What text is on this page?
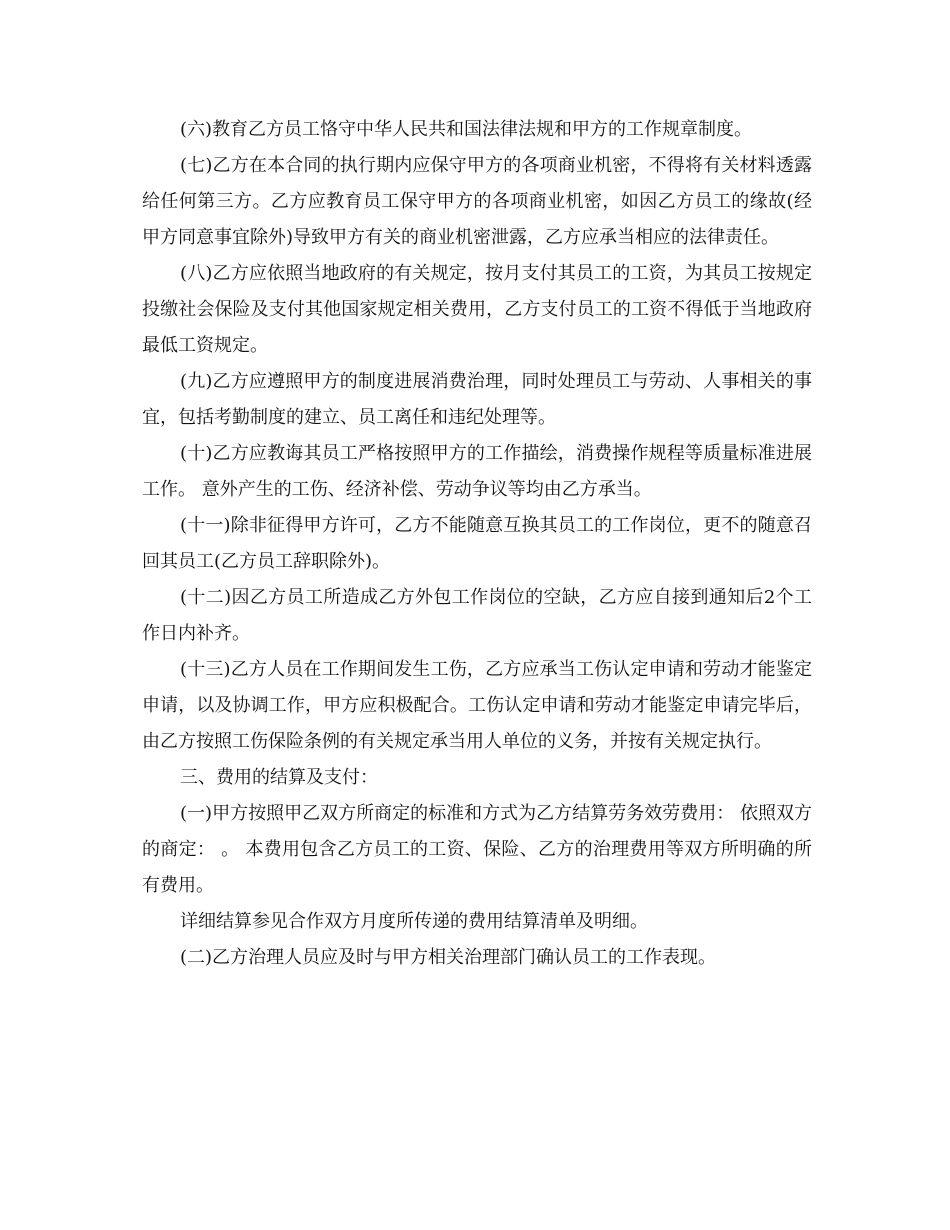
(六)教育乙方员工恪守中华人民共和国法律法规和甲方的工作规章制度。

(七)乙方在本合同的执行期内应保守甲方的各项商业机密，不得将有关材料透露给任何第三方。乙方应教育员工保守甲方的各项商业机密，如因乙方员工的缘故(经甲方同意事宜除外)导致甲方有关的商业机密泄露，乙方应承当相应的法律责任。

(八)乙方应依照当地政府的有关规定，按月支付其员工的工资，为其员工按规定投缴社会保险及支付其他国家规定相关费用，乙方支付员工的工资不得低于当地政府最低工资规定。

(九)乙方应遵照甲方的制度进展消费治理，同时处理员工与劳动、人事相关的事宜，包括考勤制度的建立、员工离任和违纪处理等。

(十)乙方应教诲其员工严格按照甲方的工作描绘，消费操作规程等质量标准进展工作。 意外产生的工伤、经济补偿、劳动争议等均由乙方承当。

(十一)除非征得甲方许可，乙方不能随意互换其员工的工作岗位，更不的随意召回其员工(乙方员工辞职除外)。

(十二)因乙方员工所造成乙方外包工作岗位的空缺，乙方应自接到通知后2个工作日内补齐。

(十三)乙方人员在工作期间发生工伤，乙方应承当工伤认定申请和劳动才能鉴定申请，以及协调工作，甲方应积极配合。工伤认定申请和劳动才能鉴定申请完毕后，由乙方按照工伤保险条例的有关规定承当用人单位的义务，并按有关规定执行。

三、费用的结算及支付：

(一)甲方按照甲乙双方所商定的标准和方式为乙方结算劳务效劳费用： 依照双方的商定： 。 本费用包含乙方员工的工资、保险、乙方的治理费用等双方所明确的所有费用。

详细结算参见合作双方月度所传递的费用结算清单及明细。

(二)乙方治理人员应及时与甲方相关治理部门确认员工的工作表现。
